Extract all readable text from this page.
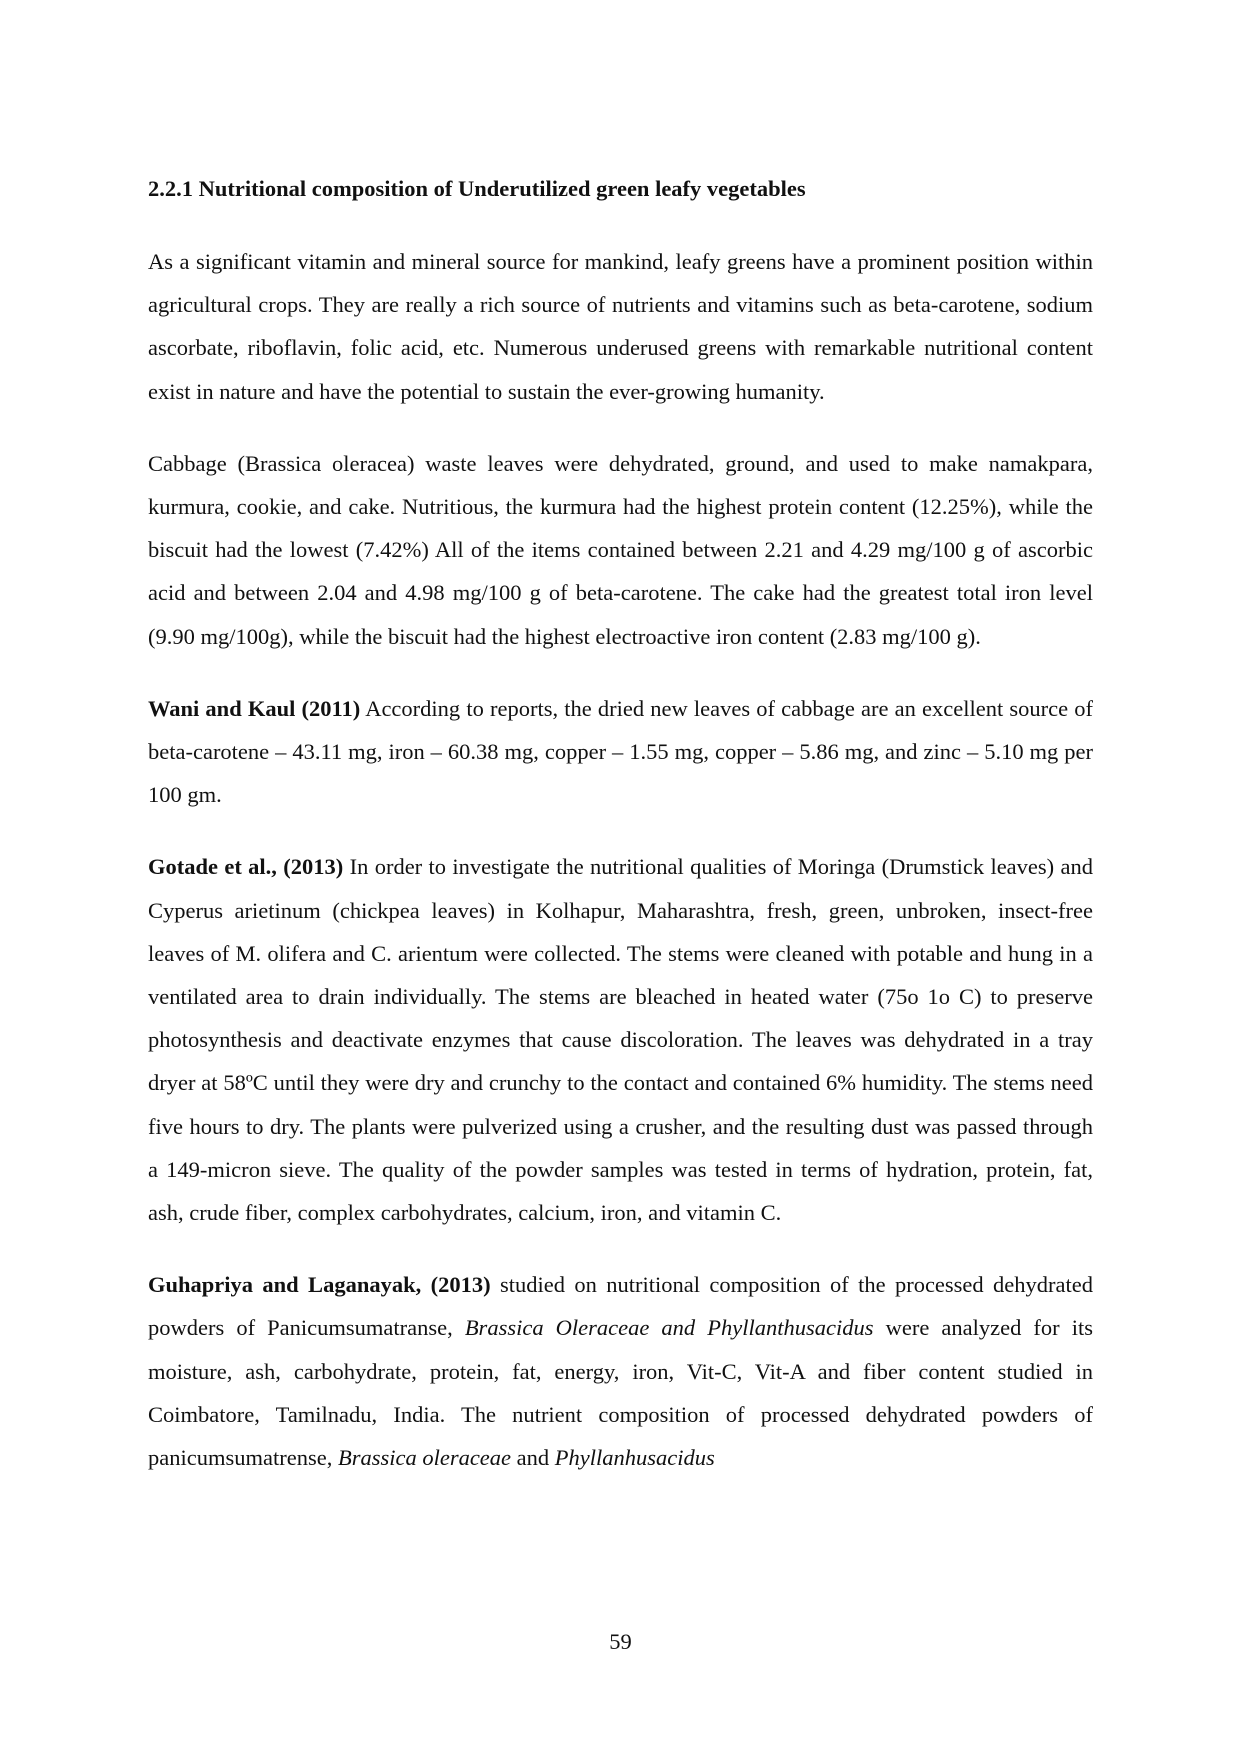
2.2.1 Nutritional composition of Underutilized green leafy vegetables

As a significant vitamin and mineral source for mankind, leafy greens have a prominent position within agricultural crops. They are really a rich source of nutrients and vitamins such as beta-carotene, sodium ascorbate, riboflavin, folic acid, etc. Numerous underused greens with remarkable nutritional content exist in nature and have the potential to sustain the ever-growing humanity.

Cabbage (Brassica oleracea) waste leaves were dehydrated, ground, and used to make namakpara, kurmura, cookie, and cake. Nutritious, the kurmura had the highest protein content (12.25%), while the biscuit had the lowest (7.42%) All of the items contained between 2.21 and 4.29 mg/100 g of ascorbic acid and between 2.04 and 4.98 mg/100 g of beta-carotene. The cake had the greatest total iron level (9.90 mg/100g), while the biscuit had the highest electroactive iron content (2.83 mg/100 g).

Wani and Kaul (2011) According to reports, the dried new leaves of cabbage are an excellent source of beta-carotene – 43.11 mg, iron – 60.38 mg, copper – 1.55 mg, copper – 5.86 mg, and zinc – 5.10 mg per 100 gm.

Gotade et al., (2013) In order to investigate the nutritional qualities of Moringa (Drumstick leaves) and Cyperus arietinum (chickpea leaves) in Kolhapur, Maharashtra, fresh, green, unbroken, insect-free leaves of M. olifera and C. arientum were collected. The stems were cleaned with potable and hung in a ventilated area to drain individually. The stems are bleached in heated water (75o 1o C) to preserve photosynthesis and deactivate enzymes that cause discoloration. The leaves was dehydrated in a tray dryer at 58ºC until they were dry and crunchy to the contact and contained 6% humidity. The stems need five hours to dry. The plants were pulverized using a crusher, and the resulting dust was passed through a 149-micron sieve. The quality of the powder samples was tested in terms of hydration, protein, fat, ash, crude fiber, complex carbohydrates, calcium, iron, and vitamin C.

Guhapriya and Laganayak, (2013) studied on nutritional composition of the processed dehydrated powders of Panicumsumatranse, Brassica Oleraceae and Phyllanthusacidus were analyzed for its moisture, ash, carbohydrate, protein, fat, energy, iron, Vit-C, Vit-A and fiber content studied in Coimbatore, Tamilnadu, India. The nutrient composition of processed dehydrated powders of panicumsumatrense, Brassica oleraceae and Phyllanhusacidus

59
